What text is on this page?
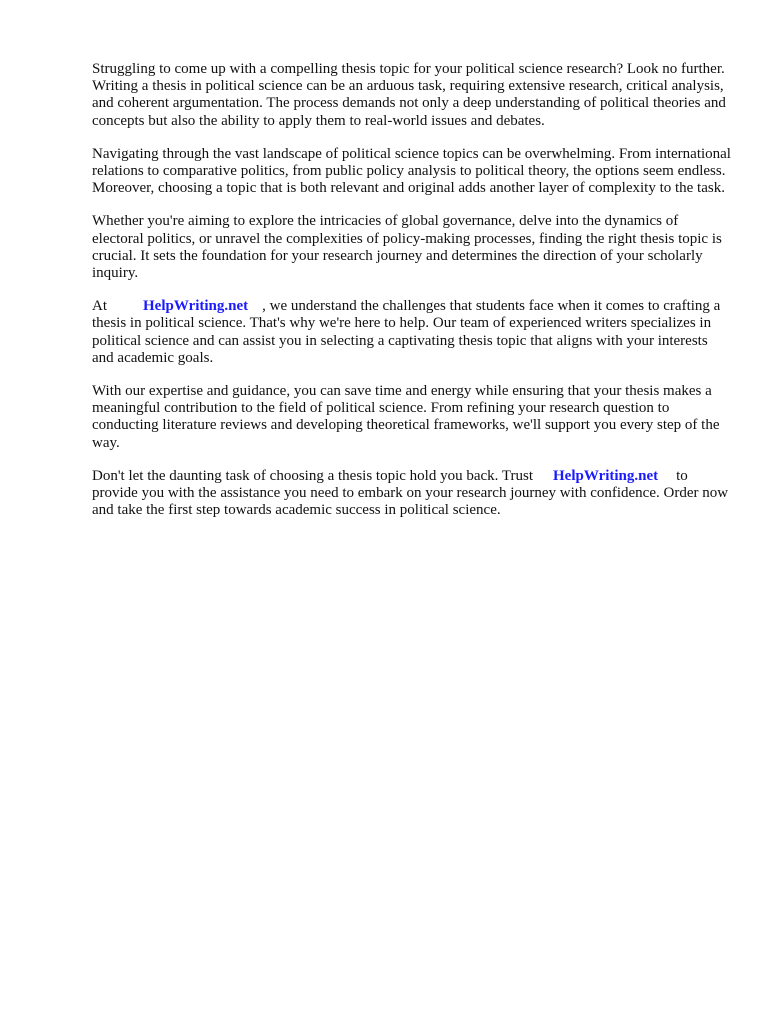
Struggling to come up with a compelling thesis topic for your political science research? Look no further. Writing a thesis in political science can be an arduous task, requiring extensive research, critical analysis, and coherent argumentation. The process demands not only a deep understanding of political theories and concepts but also the ability to apply them to real-world issues and debates.

Navigating through the vast landscape of political science topics can be overwhelming. From international relations to comparative politics, from public policy analysis to political theory, the options seem endless. Moreover, choosing a topic that is both relevant and original adds another layer of complexity to the task.

Whether you're aiming to explore the intricacies of global governance, delve into the dynamics of electoral politics, or unravel the complexities of policy-making processes, finding the right thesis topic is crucial. It sets the foundation for your research journey and determines the direction of your scholarly inquiry.

At HelpWriting.net , we understand the challenges that students face when it comes to crafting a thesis in political science. That's why we're here to help. Our team of experienced writers specializes in political science and can assist you in selecting a captivating thesis topic that aligns with your interests and academic goals.

With our expertise and guidance, you can save time and energy while ensuring that your thesis makes a meaningful contribution to the field of political science. From refining your research question to conducting literature reviews and developing theoretical frameworks, we'll support you every step of the way.

Don't let the daunting task of choosing a thesis topic hold you back. Trust HelpWriting.net to provide you with the assistance you need to embark on your research journey with confidence. Order now and take the first step towards academic success in political science.
